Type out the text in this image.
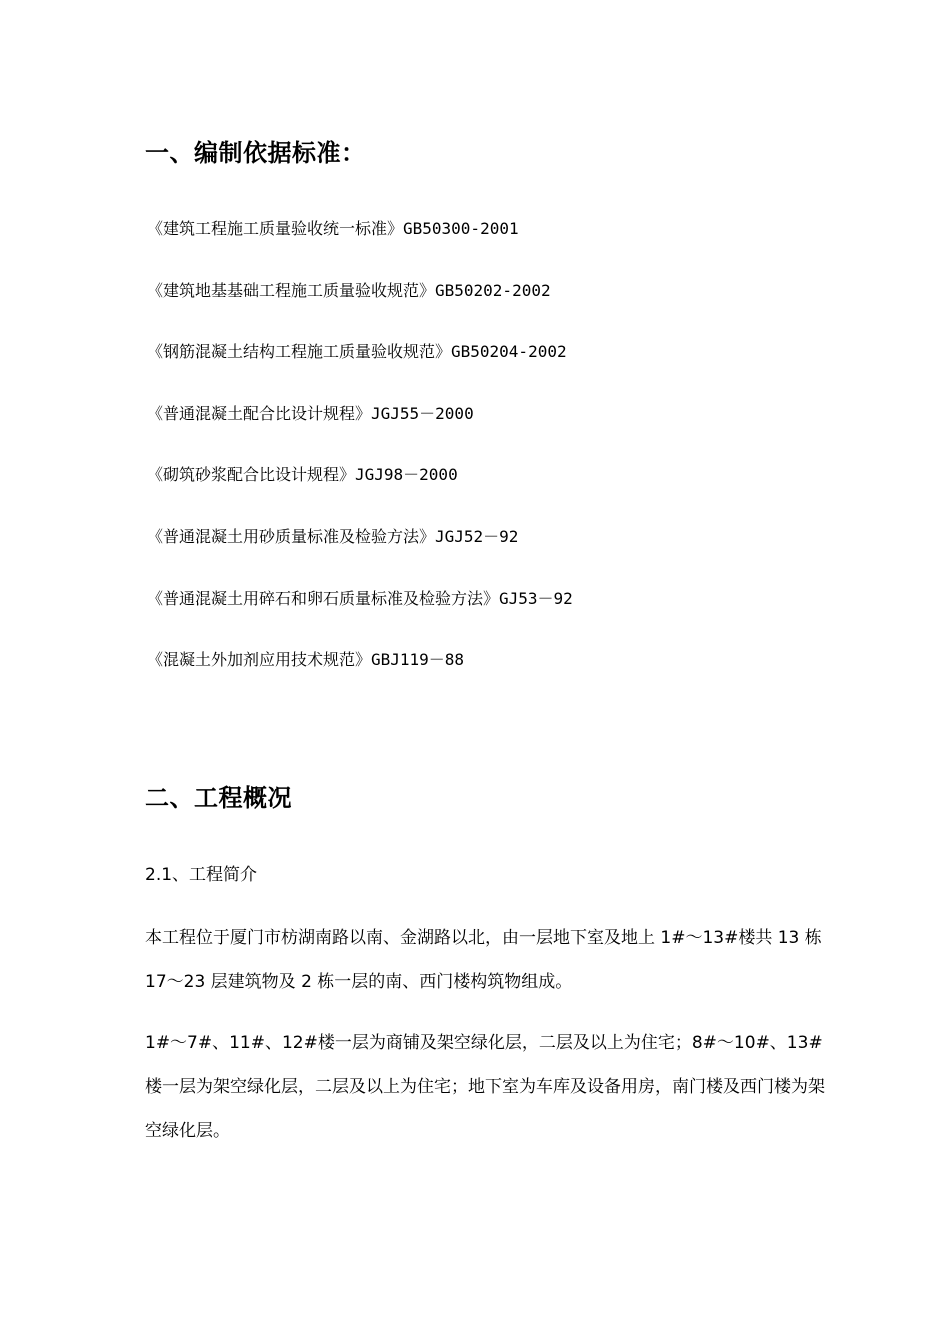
一、编制依据标准：
《建筑工程施工质量验收统一标准》GB50300-2001
《建筑地基基础工程施工质量验收规范》GB50202-2002
《钢筋混凝土结构工程施工质量验收规范》GB50204-2002
《普通混凝土配合比设计规程》JGJ55－2000
《砌筑砂浆配合比设计规程》JGJ98－2000
《普通混凝土用砂质量标准及检验方法》JGJ52－92
《普通混凝土用碎石和卵石质量标准及检验方法》GJ53－92
《混凝土外加剂应用技术规范》GBJ119－88
二、工程概况
2.1、工程简介

本工程位于厦门市枋湖南路以南、金湖路以北，由一层地下室及地上 1#～13#楼共 13 栋 17～23 层建筑物及 2 栋一层的南、西门楼构筑物组成。

1#～7#、11#、12#楼一层为商铺及架空绿化层，二层及以上为住宅；8#～10#、13#楼一层为架空绿化层，二层及以上为住宅；地下室为车库及设备用房，南门楼及西门楼为架空绿化层。
